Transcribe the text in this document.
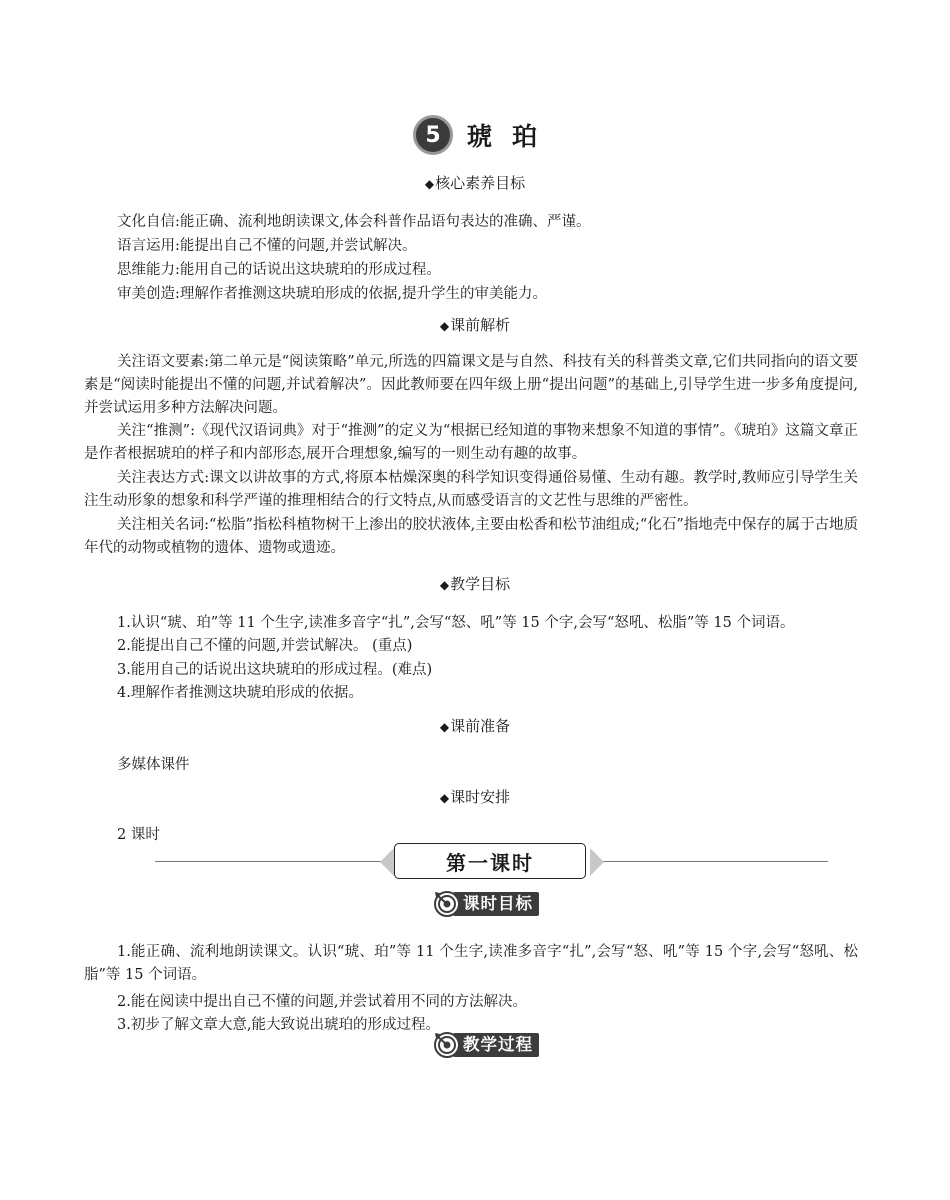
5	琥珀
◆核心素养目标
文化自信:能正确、流利地朗读课文,体会科普作品语句表达的准确、严谨。
语言运用:能提出自己不懂的问题,并尝试解决。
思维能力:能用自己的话说出这块琥珀的形成过程。
审美创造:理解作者推测这块琥珀形成的依据,提升学生的审美能力。
◆课前解析

关注语文要素:第二单元是“阅读策略”单元,所选的四篇课文是与自然、科技有关的科普类文章,它们共同指向的语文要素是“阅读时能提出不懂的问题,并试着解决”。因此教师要在四年级上册“提出问题”的基础上,引导学生进一步多角度提问,并尝试运用多种方法解决问题。

关注“推测”:《现代汉语词典》对于“推测”的定义为“根据已经知道的事物来想象不知道的事情”。《琥珀》这篇文章正是作者根据琥珀的样子和内部形态,展开合理想象,编写的一则生动有趣的故事。

关注表达方式:课文以讲故事的方式,将原本枯燥深奥的科学知识变得通俗易懂、生动有趣。教学时,教师应引导学生关注生动形象的想象和科学严谨的推理相结合的行文特点,从而感受语言的文艺性与思维的严密性。

关注相关名词:“松脂”指松科植物树干上渗出的胶状液体,主要由松香和松节油组成;“化石”指地壳中保存的属于古地质年代的动物或植物的遗体、遗物或遗迹。

◆教学目标
1.认识“琥、珀”等 11 个生字,读准多音字“扎”,会写“怒、吼”等 15 个字,会写“怒吼、松脂”等 15 个词语。
2.能提出自己不懂的问题,并尝试解决。 (重点)
3.能用自己的话说出这块琥珀的形成过程。(难点)
4.理解作者推测这块琥珀形成的依据。
◆课前准备
多媒体课件
◆课时安排
2 课时
第一课时
课时目标

1.能正确、流利地朗读课文。认识“琥、珀”等 11 个生字,读准多音字“扎”,会写“怒、吼”等 15 个字,会写“怒吼、松脂”等 15 个词语。

2.能在阅读中提出自己不懂的问题,并尝试着用不同的方法解决。
3.初步了解文章大意,能大致说出琥珀的形成过程。
教学过程
